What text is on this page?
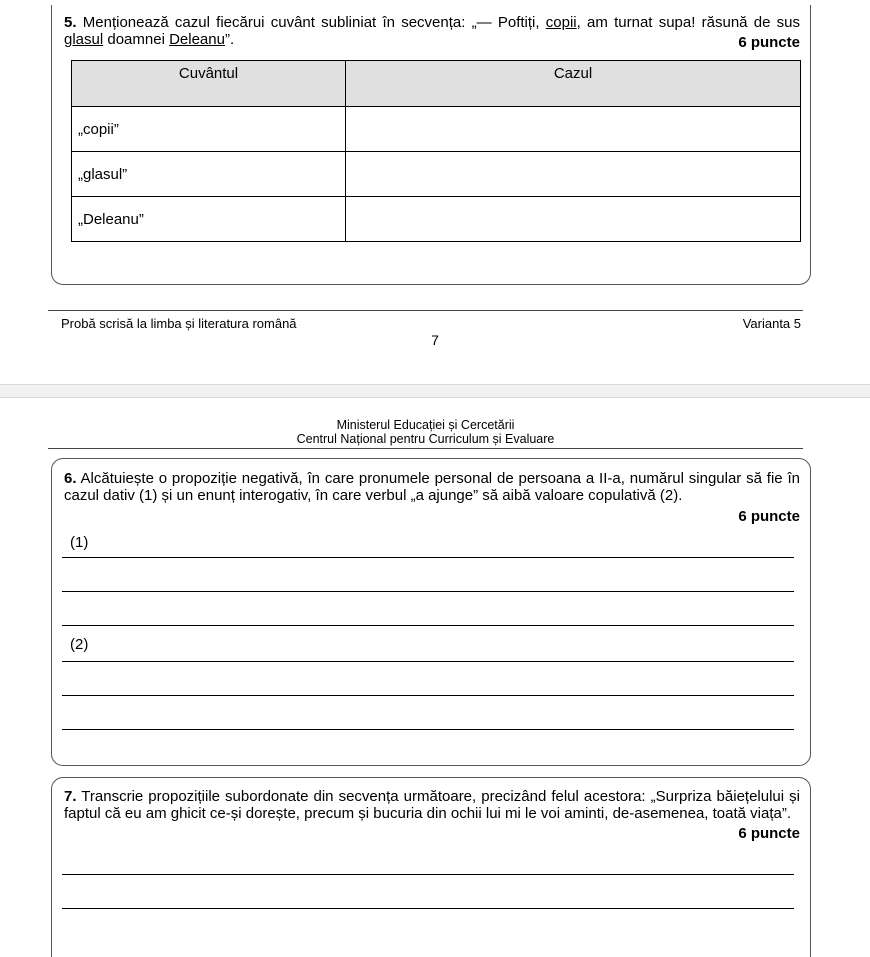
5. Menționează cazul fiecărui cuvânt subliniat în secvența: „— Poftiți, copii, am turnat supa! răsună de sus glasul doamnei Deleanu”.	6 puncte
Cuvântul	Cazul
„copii”	
„glasul”	
„Deleanu”	
Probă scrisă la limba și literatura română	Varianta 5
7
Ministerul Educației și Cercetării
Centrul Național pentru Curriculum și Evaluare
6. Alcătuiește o propoziție negativă, în care pronumele personal de persoana a II-a, numărul singular să fie în cazul dativ (1) și un enunț interogativ, în care verbul „a ajunge” să aibă valoare copulativă (2).
6 puncte
(1)
(2)
7. Transcrie propozițiile subordonate din secvența următoare, precizând felul acestora: „Surpriza băiețelului și faptul că eu am ghicit ce-și dorește, precum și bucuria din ochii lui mi le voi aminti, de-asemenea, toată viața”.
6 puncte
